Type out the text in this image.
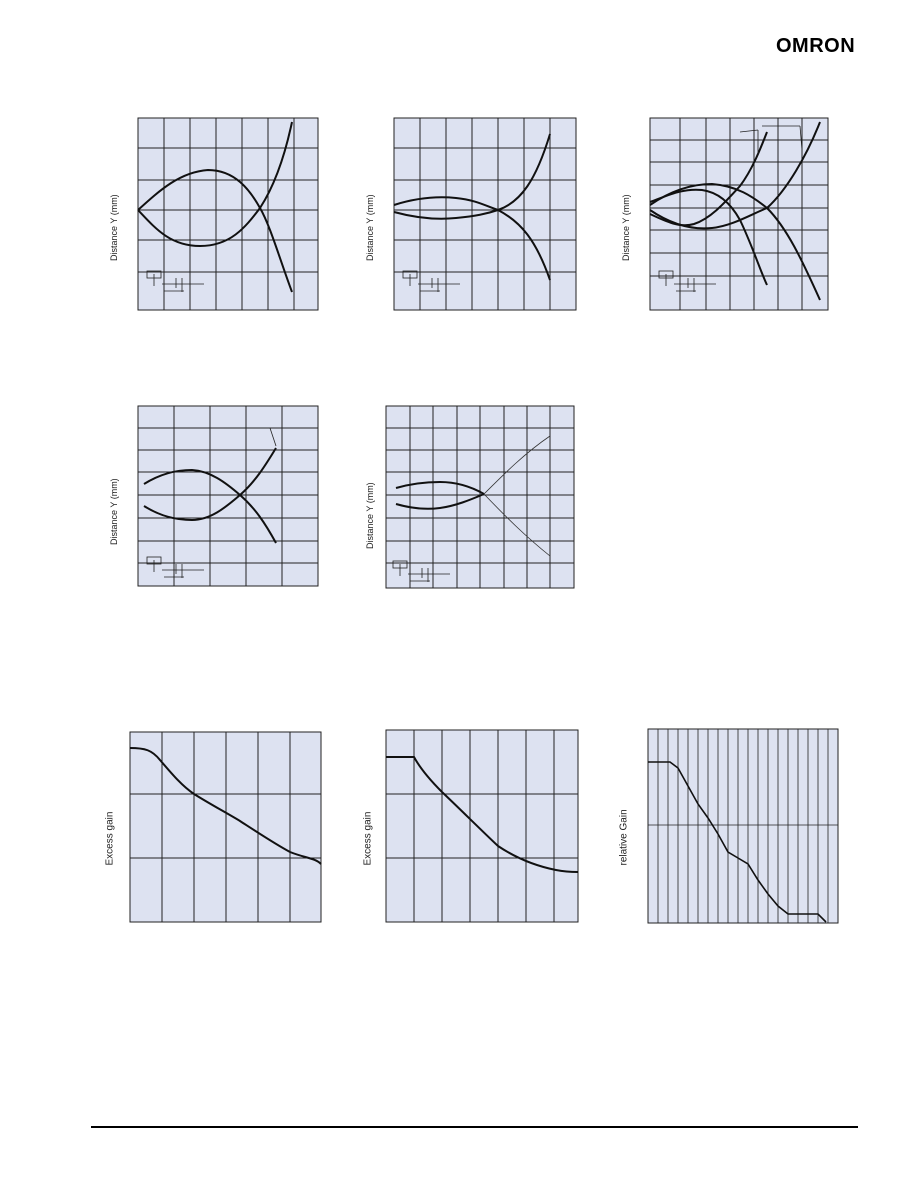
OMRON
Distance Y (mm)	Distance Y (mm)	Distance Y (mm)
Distance Y (mm)	Distance Y (mm)
Excess gain	Excess gain	relative Gain
